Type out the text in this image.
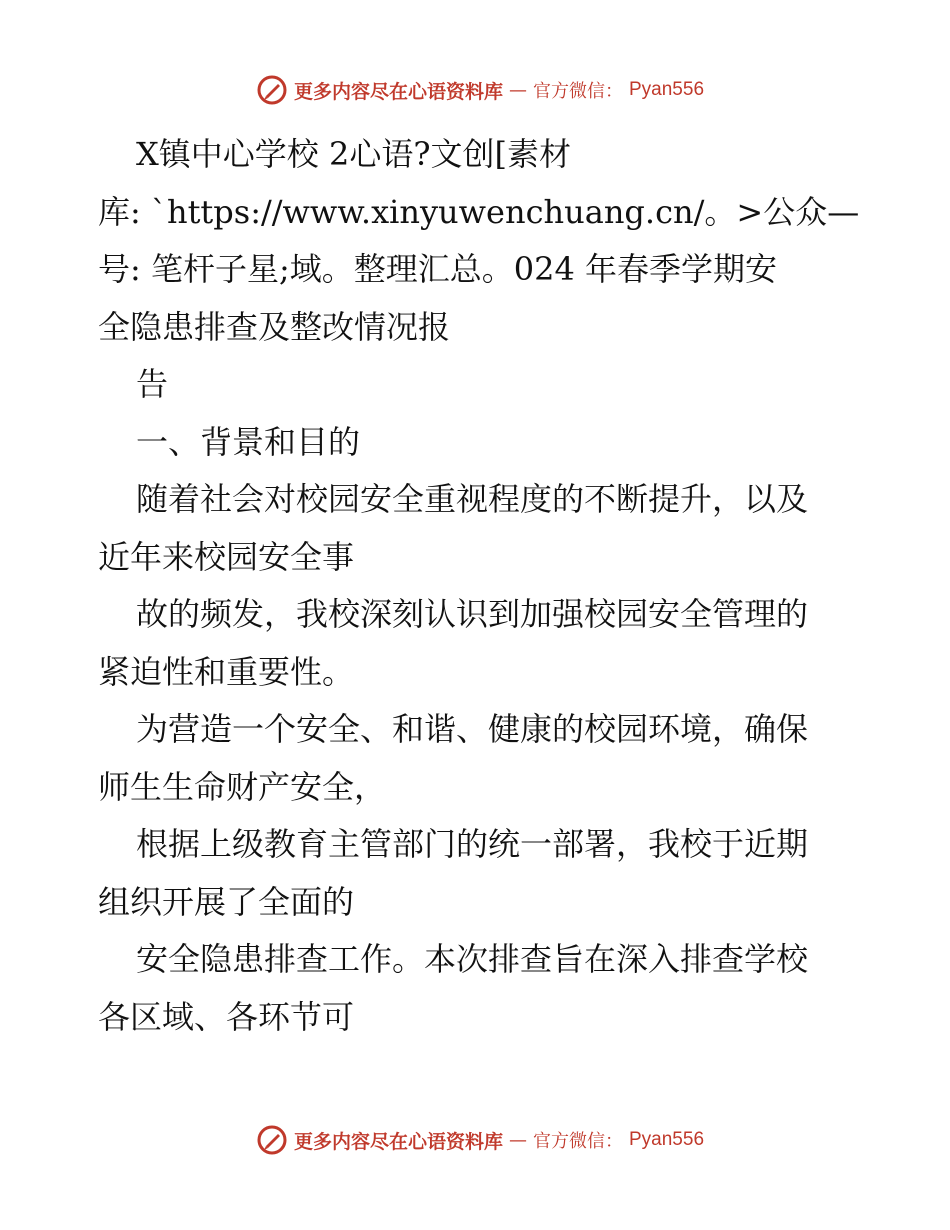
更多内容尽在心语资料库 — 官方微信： Pyan556
X镇中心学校 2心语?文创[素材
库: `https://www.xinyuwenchuang.cn/。>公众—
号: 笔杆子星;域。整理汇总。024 年春季学期安
全隐患排查及整改情况报
告
一、背景和目的
随着社会对校园安全重视程度的不断提升，以及
近年来校园安全事
故的频发，我校深刻认识到加强校园安全管理的
紧迫性和重要性。
为营造一个安全、和谐、健康的校园环境，确保
师生生命财产安全，
根据上级教育主管部门的统一部署，我校于近期
组织开展了全面的
安全隐患排查工作。本次排查旨在深入排查学校
各区域、各环节可
更多内容尽在心语资料库 — 官方微信： Pyan556
